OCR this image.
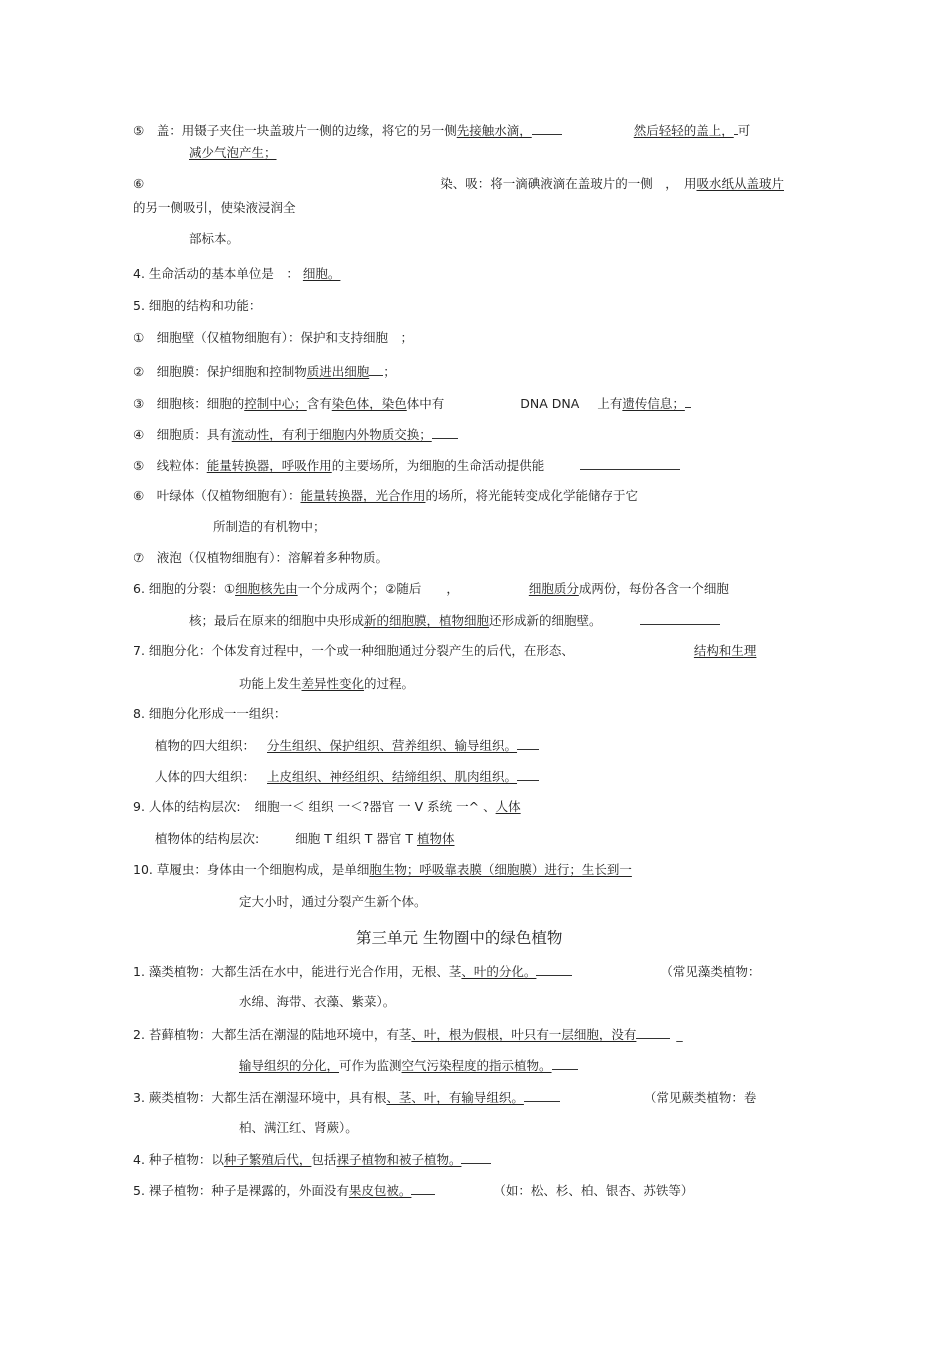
⑤　盖：用镊子夹住一块盖玻片一侧的边缘，将它的另一侧先接触水滴，	然后轻轻的盖上， 可
减少气泡产生；
⑥	染、吸：将一滴碘液滴在盖玻片的一侧　，　用吸水纸从盖玻片
的另一侧吸引，使染液浸润全
部标本。
4. 生命活动的基本单位是　： 细胞。
5. 细胞的结构和功能：
①　细胞壁（仅植物细胞有）：保护和支持细胞　；
②　细胞膜：保护细胞和控制物质进出细胞 ；
③　细胞核：细胞的控制中心；含有染色体，染色体中有	DNA DNA 上有遗传信息；
④　细胞质：具有流动性，有利于细胞内外物质交换；
⑤　线粒体：能量转换器，呼吸作用的主要场所，为细胞的生命活动提供能
⑥　叶绿体（仅植物细胞有）：能量转换器，光合作用的场所，将光能转变成化学能储存于它
所制造的有机物中；
⑦　液泡（仅植物细胞有）：溶解着多种物质。
6. 细胞的分裂：①细胞核先由一个分成两个；②随后　　，	细胞质分成两份，每份各含一个细胞
核；最后在原来的细胞中央形成新的细胞膜，植物细胞还形成新的细胞壁。
7. 细胞分化：个体发育过程中，一个或一种细胞通过分裂产生的后代，在形态、	结构和生理
功能上发生差异性变化的过程。
8. 细胞分化形成一一组织：
植物的四大组织： 分生组织、保护组织、营养组织、输导组织。
人体的四大组织： 上皮组织、神经组织、结缔组织、肌肉组织。
9. 人体的结构层次: 细胞一＜ 组织 一＜?器官 一 V 系统 一^ 、人体
植物体的结构层次:	细胞 T 组织 T 器官 T 植物体
10. 草履虫：身体由一个细胞构成，是单细胞生物；呼吸靠表膜（细胞膜）进行；生长到一
定大小时，通过分裂产生新个体。
第三单元 生物圈中的绿色植物
1. 藻类植物：大都生活在水中，能进行光合作用，无根、茎、叶的分化。	（常见藻类植物：
水绵、海带、衣藻、紫菜）。
2. 苔藓植物：大都生活在潮湿的陆地环境中，有茎、叶，根为假根，叶只有一层细胞，没有	_
输导组织的分化，可作为监测空气污染程度的指示植物。
3. 蕨类植物：大都生活在潮湿环境中，具有根、茎、叶，有输导组织。	（常见蕨类植物：卷
柏、满江红、肾蕨）。
4. 种子植物：以种子繁殖后代，包括裸子植物和被子植物。
5. 裸子植物：种子是裸露的，外面没有果皮包被。	（如：松、杉、柏、银杏、苏铁等）
